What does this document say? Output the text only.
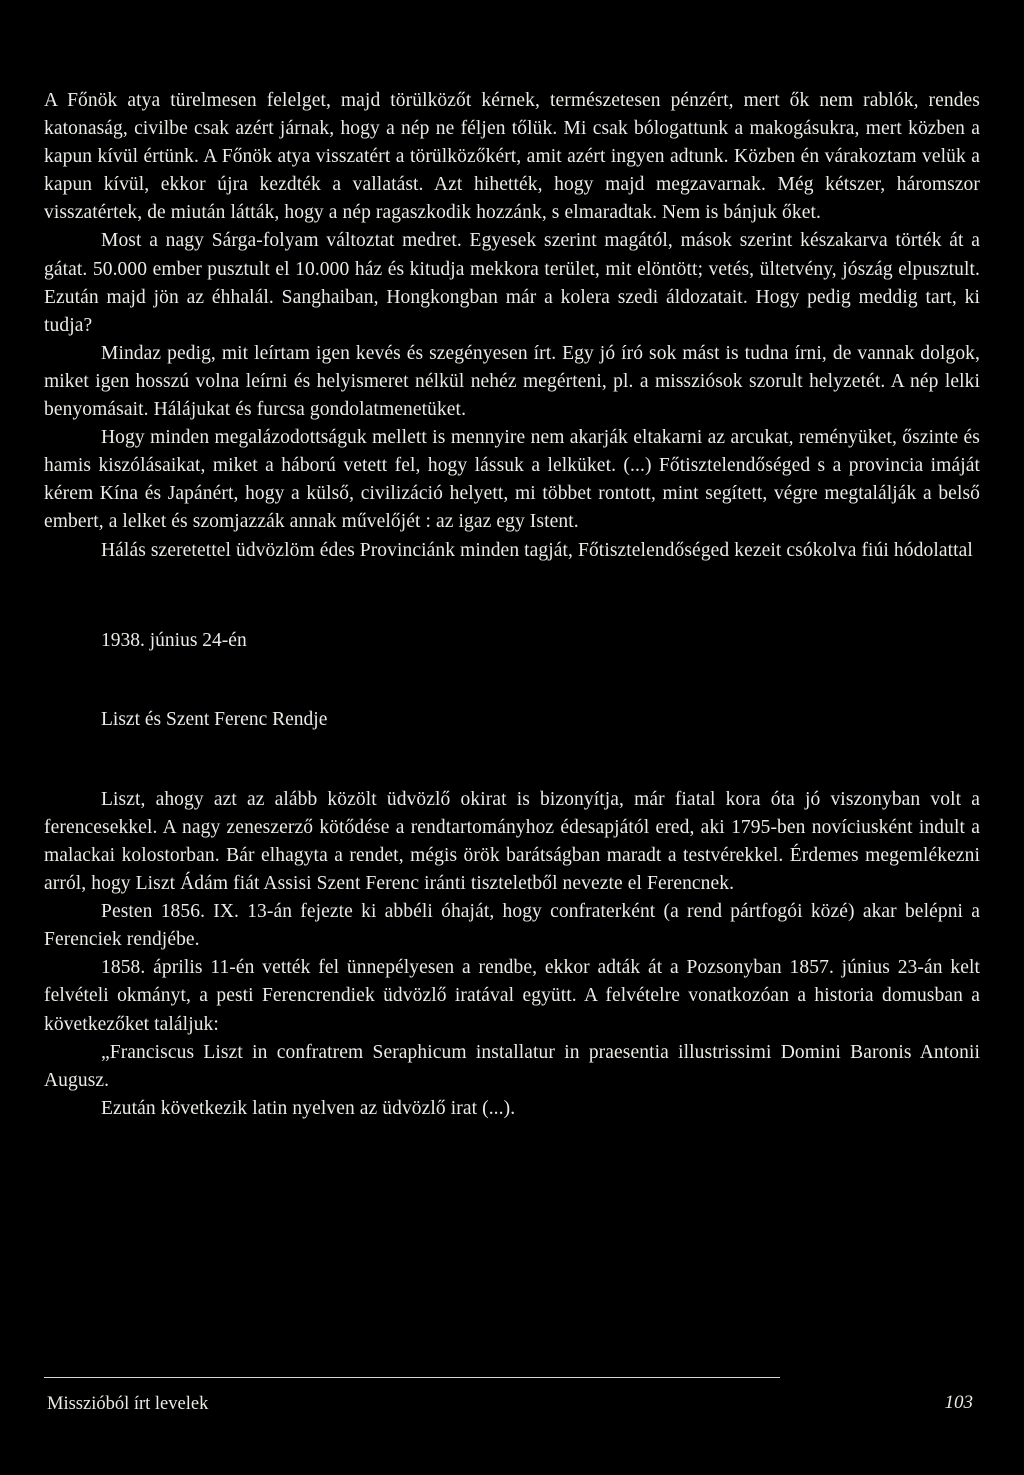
A Főnök atya türelmesen felelget, majd törülközőt kérnek, természetesen pénzért, mert ők nem rablók, rendes katonaság, civilbe csak azért járnak, hogy a nép ne féljen tőlük. Mi csak bólogattunk a makogásukra, mert közben a kapun kívül értünk. A Főnök atya visszatért a törülközőkért, amit azért ingyen adtunk. Közben én várakoztam velük a kapun kívül, ekkor újra kezdték a vallatást. Azt hihették, hogy majd megzavarnak. Még kétszer, háromszor visszatértek, de miután látták, hogy a nép ragaszkodik hozzánk, s elmaradtak. Nem is bánjuk őket.

Most a nagy Sárga-folyam változtat medret. Egyesek szerint magától, mások szerint készakarva törték át a gátat. 50.000 ember pusztult el 10.000 ház és kitudja mekkora terület, mit elöntött; vetés, ültetvény, jószág elpusztult. Ezután majd jön az éhhalál. Sanghaiban, Hongkongban már a kolera szedi áldozatait. Hogy pedig meddig tart, ki tudja?

Mindaz pedig, mit leírtam igen kevés és szegényesen írt. Egy jó író sok mást is tudna írni, de vannak dolgok, miket igen hosszú volna leírni és helyismeret nélkül nehéz megérteni, pl. a missziósok szorult helyzetét. A nép lelki benyomásait. Hálájukat és furcsa gondolatmenetüket.

Hogy minden megalázodottságuk mellett is mennyire nem akarják eltakarni az arcukat, reményüket, őszinte és hamis kiszólásaikat, miket a háború vetett fel, hogy lássuk a lelküket. (...) Főtisztelendőséged s a provincia imáját kérem Kína és Japánért, hogy a külső, civilizáció helyett, mi többet rontott, mint segített, végre megtalálják a belső embert, a lelket és szomjazzák annak művelőjét : az igaz egy Istent.

Hálás szeretettel üdvözlöm édes Provinciánk minden tagját, Főtisztelendőséged kezeit csókolva fiúi hódolattal

1938. június 24-én

Liszt és Szent Ferenc Rendje

Liszt, ahogy azt az alább közölt üdvözlő okirat is bizonyítja, már fiatal kora óta jó viszonyban volt a ferencesekkel. A nagy zeneszerző kötődése a rendtartományhoz édesapjától ered, aki 1795-ben novíciusként indult a malackai kolostorban. Bár elhagyta a rendet, mégis örök barátságban maradt a testvérekkel. Érdemes megemlékezni arról, hogy Liszt Ádám fiát Assisi Szent Ferenc iránti tiszteletből nevezte el Ferencnek.

Pesten 1856. IX. 13-án fejezte ki abbéli óhaját, hogy confraterként (a rend pártfogói közé) akar belépni a Ferenciek rendjébe.

1858. április 11-én vették fel ünnepélyesen a rendbe, ekkor adták át a Pozsonyban 1857. június 23-án kelt felvételi okmányt, a pesti Ferencrendiek üdvözlő iratával együtt. A felvételre vonatkozóan a historia domusban a következőket találjuk:

„Franciscus Liszt in confratrem Seraphicum installatur in praesentia illustrissimi Domini Baronis Antonii Augusz.

Ezután következik latin nyelven az üdvözlő irat (...).

Misszióból írt levelek	103
